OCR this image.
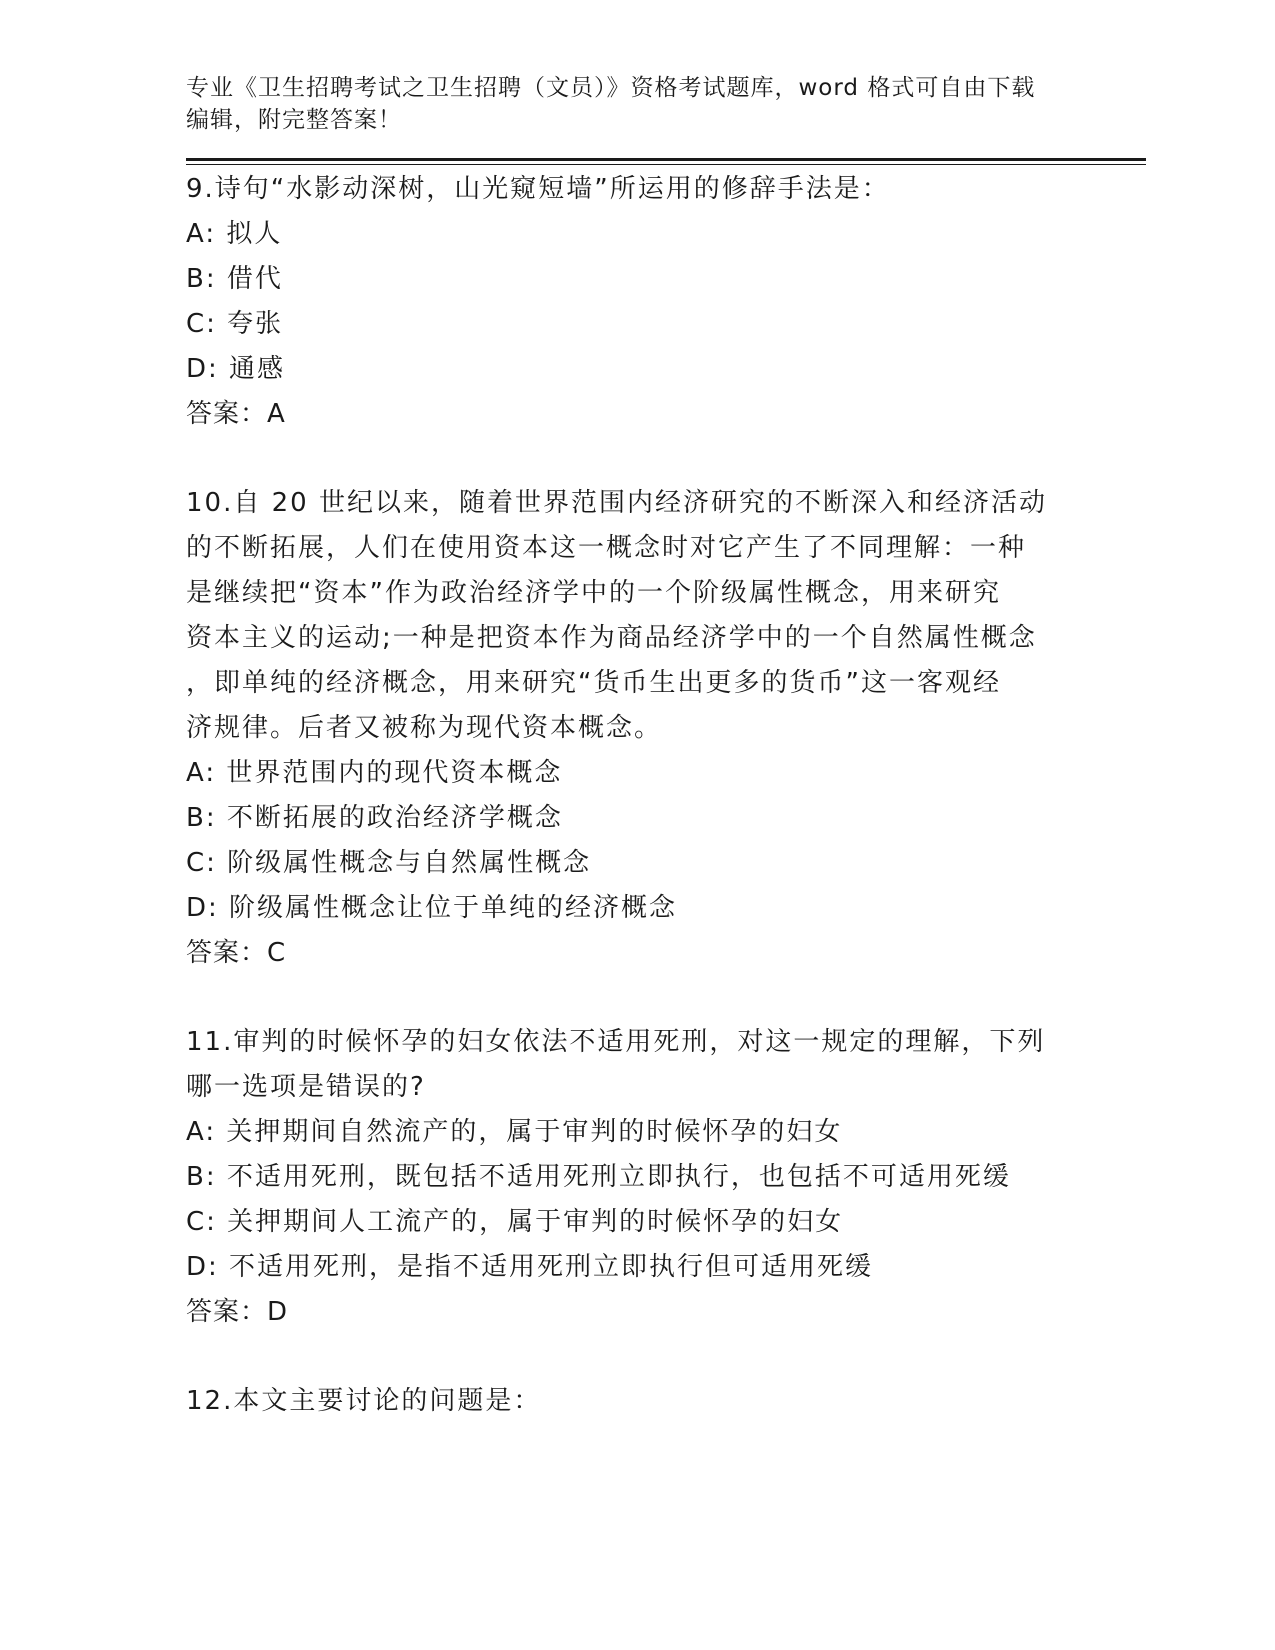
专业《卫生招聘考试之卫生招聘（文员）》资格考试题库，word 格式可自由下载
编辑，附完整答案！

9.诗句“水影动深树，山光窥短墙”所运用的修辞手法是：

A: 拟人

B: 借代

C: 夸张

D: 通感

答案：A

10.自 20 世纪以来，随着世界范围内经济研究的不断深入和经济活动
的不断拓展，人们在使用资本这一概念时对它产生了不同理解：一种
是继续把“资本”作为政治经济学中的一个阶级属性概念，用来研究
资本主义的运动;一种是把资本作为商品经济学中的一个自然属性概念
，即单纯的经济概念，用来研究“货币生出更多的货币”这一客观经
济规律。后者又被称为现代资本概念。

A: 世界范围内的现代资本概念

B: 不断拓展的政治经济学概念

C: 阶级属性概念与自然属性概念

D: 阶级属性概念让位于单纯的经济概念

答案：C

11.审判的时候怀孕的妇女依法不适用死刑，对这一规定的理解，下列
哪一选项是错误的?

A: 关押期间自然流产的，属于审判的时候怀孕的妇女

B: 不适用死刑，既包括不适用死刑立即执行，也包括不可适用死缓

C: 关押期间人工流产的，属于审判的时候怀孕的妇女

D: 不适用死刑，是指不适用死刑立即执行但可适用死缓

答案：D

12.本文主要讨论的问题是：
